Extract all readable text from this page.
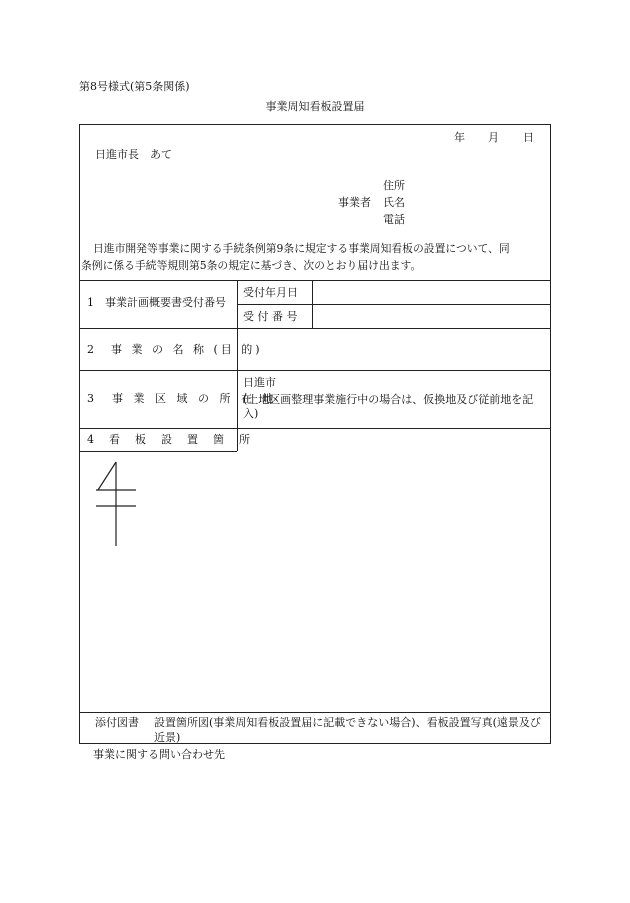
第8号様式(第5条関係)
事業周知看板設置届
年 月 日
日進市長　あて
住所
事業者 氏名
電話
日進市開発等事業に関する手続条例第9条に規定する事業周知看板の設置について、同
条例に係る手続等規則第5条の規定に基づき、次のとおり届け出ます。
1　事業計画概要書受付番号
受付年月日
受 付 番 号
2　事 業 の 名 称 (目 的)
3　事 業 区 域 の 所 在 地
日進市
(土地区画整理事業施行中の場合は、仮換地及び従前地を記入)
4　看　板　設　置　箇　所
添付図書 設置箇所図(事業周知看板設置届に記載できない場合)、看板設置写真(遠景及び近景)
事業に関する問い合わせ先
